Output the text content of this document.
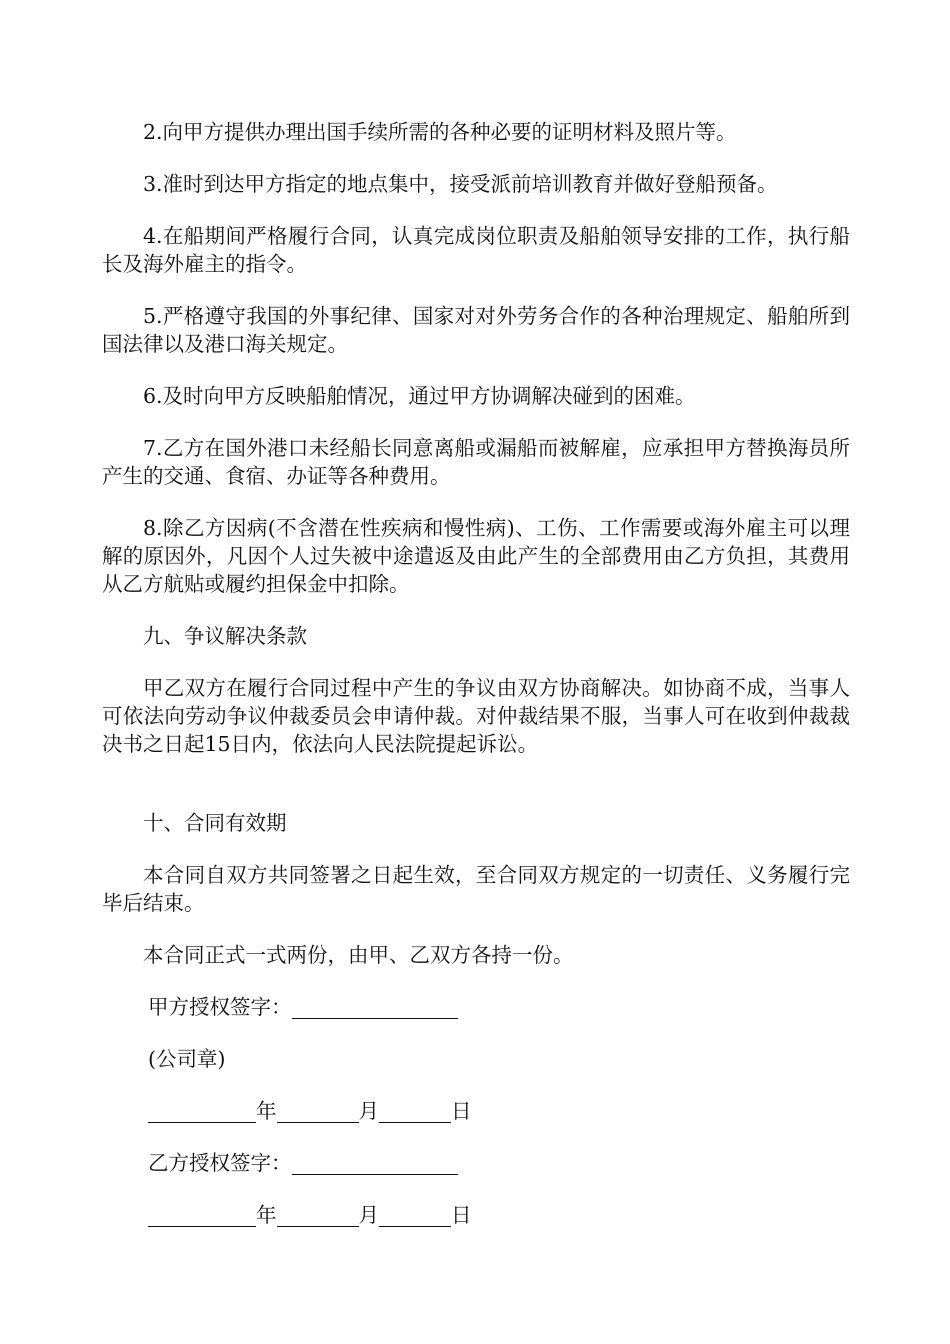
2.向甲方提供办理出国手续所需的各种必要的证明材料及照片等。

3.准时到达甲方指定的地点集中，接受派前培训教育并做好登船预备。

4.在船期间严格履行合同，认真完成岗位职责及船舶领导安排的工作，执行船长及海外雇主的指令。

5.严格遵守我国的外事纪律、国家对对外劳务合作的各种治理规定、船舶所到国法律以及港口海关规定。

6.及时向甲方反映船舶情况，通过甲方协调解决碰到的困难。

7.乙方在国外港口未经船长同意离船或漏船而被解雇，应承担甲方替换海员所产生的交通、食宿、办证等各种费用。

8.除乙方因病(不含潜在性疾病和慢性病)、工伤、工作需要或海外雇主可以理解的原因外，凡因个人过失被中途遣返及由此产生的全部费用由乙方负担，其费用从乙方航贴或履约担保金中扣除。

九、争议解决条款

甲乙双方在履行合同过程中产生的争议由双方协商解决。如协商不成，当事人可依法向劳动争议仲裁委员会申请仲裁。对仲裁结果不服，当事人可在收到仲裁裁决书之日起15日内，依法向人民法院提起诉讼。

十、合同有效期

本合同自双方共同签署之日起生效，至合同双方规定的一切责任、义务履行完毕后结束。

本合同正式一式两份，由甲、乙双方各持一份。

甲方授权签字：

(公司章)

年	月	日

乙方授权签字：

年	月	日
